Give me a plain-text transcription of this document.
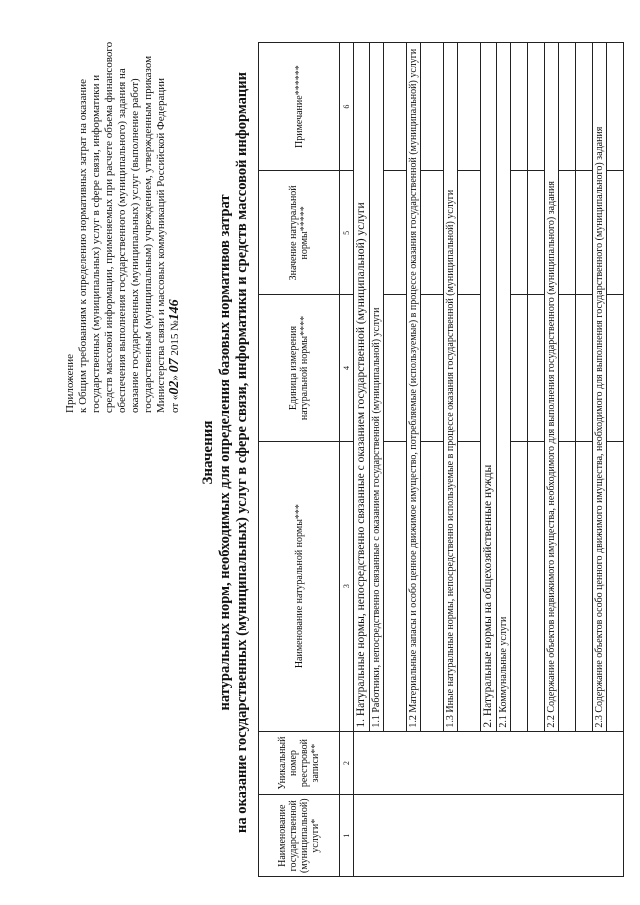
Приложение к Общим требованиям к определению нормативных затрат на оказание государственных (муниципальных) услуг в сфере связи, информатики и средств массовой информации, применяемых при расчете объема финансового обеспечения выполнения государственного (муниципального) задания на оказание государственных (муниципальных) услуг (выполнение работ) государственным (муниципальным) учреждением, утвержденным приказом Министерства связи и массовых коммуникаций Российской Федерации от «02» 07 2015 №146
Значения натуральных норм, необходимых для определения базовых нормативов затрат на оказание государственных (муниципальных) услуг в сфере связи, информатики и средств массовой информации
Наименование государственной (муниципальной) услуги*	Уникальный номер реестровой записи**	Наименование натуральной нормы***	Единица измерения натуральной нормы****	Значение натуральной нормы*****	Примечание******
1	2	3	4	5	6
		1. Натуральные нормы, непосредственно связанные с оказанием государственной (муниципальной) услуги			
		1.1 Работники, непосредственно связанные с оказанием государственной (муниципальной) услуги			

		1.2 Материальные запасы и особо ценное движимое имущество, потребляемые (используемые) в процессе оказания государственной (муниципальной) услуги			

		1.3 Иные натуральные нормы, непосредственно используемые в процессе оказания государственной (муниципальной) услуги			

		2. Натуральные нормы на общехозяйственные нужды			
		2.1 Коммунальные услуги			

		2.2 Содержание объектов недвижимого имущества, необходимого для выполнения государственного (муниципального) задания			

		2.3 Содержание объектов особо ценного движимого имущества, необходимого для выполнения государственного (муниципального) задания			
